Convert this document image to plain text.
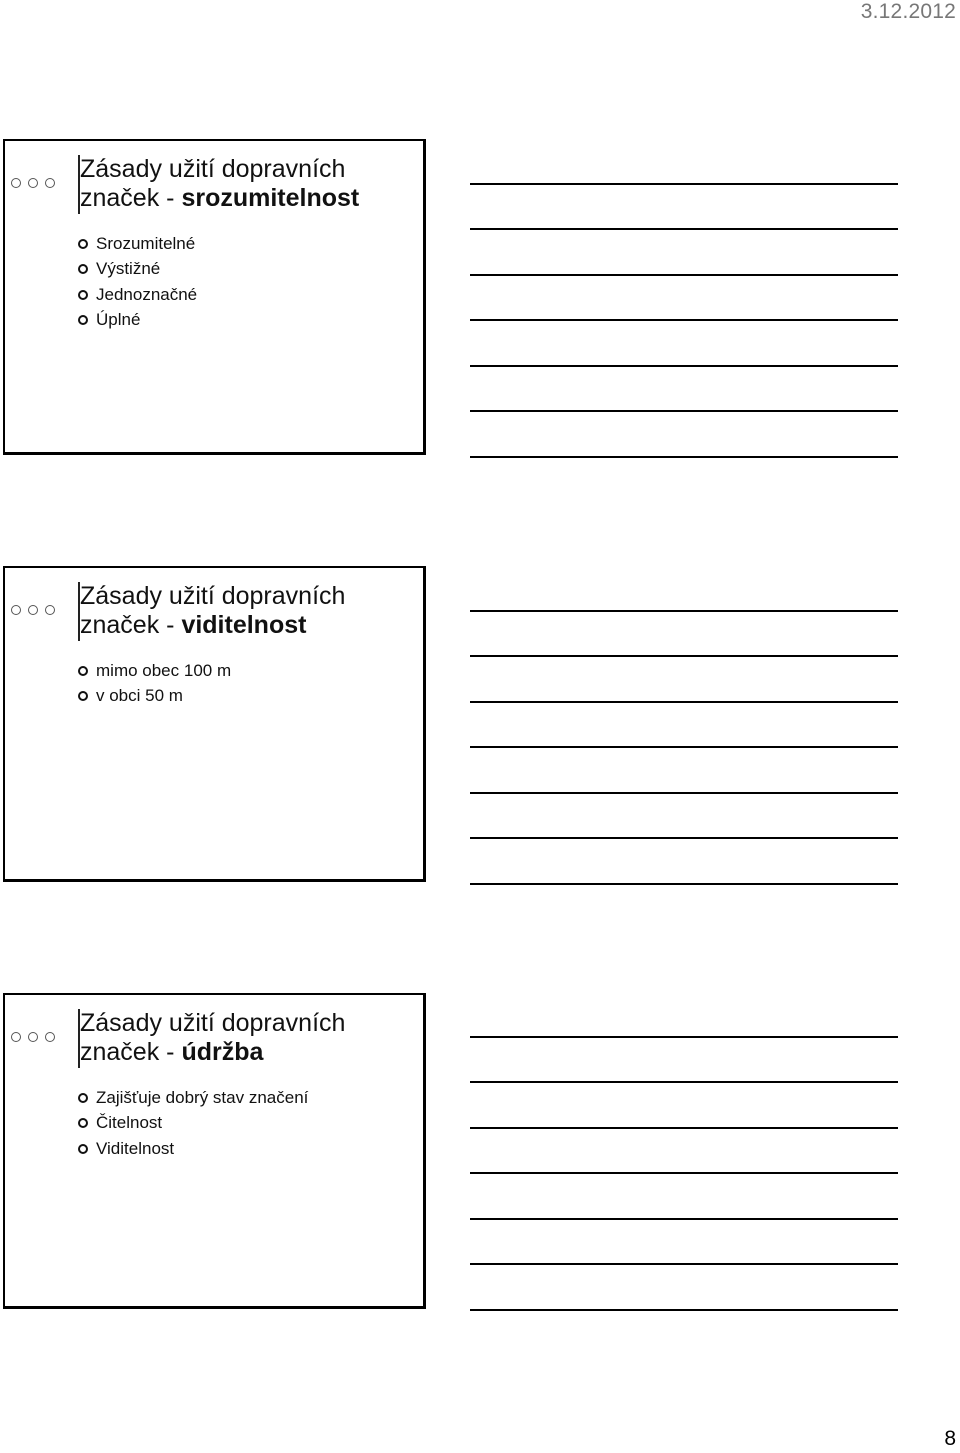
3.12.2012
Zásady užití dopravních
značek - srozumitelnost
Srozumitelné
Výstižné
Jednoznačné
Úplné
Zásady užití dopravních
značek - viditelnost
mimo obec 100 m
v obci 50 m
Zásady užití dopravních
značek - údržba
Zajišťuje dobrý stav značení
Čitelnost
Viditelnost
8
